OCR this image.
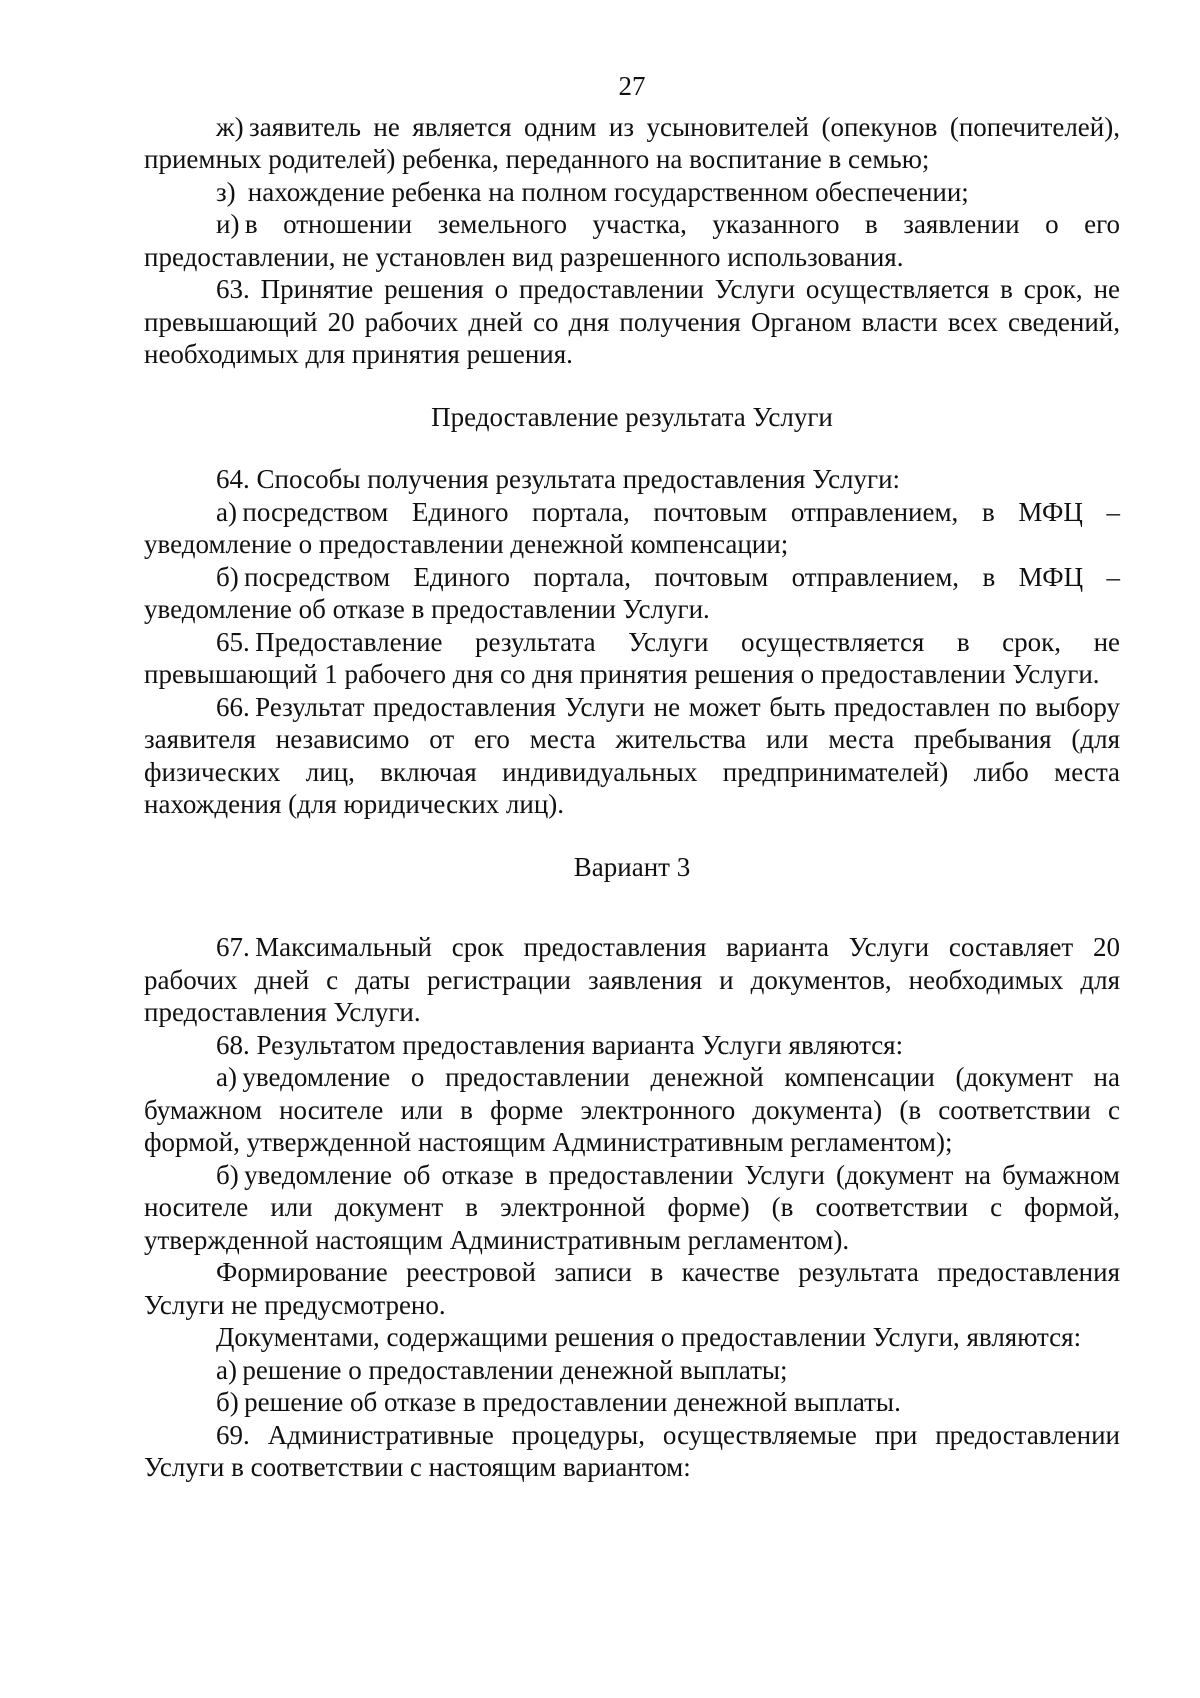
27

ж) заявитель не является одним из усыновителей (опекунов (попечителей), приемных родителей) ребенка, переданного на воспитание в семью;

з)  нахождение ребенка на полном государственном обеспечении;

и) в отношении земельного участка, указанного в заявлении о его предоставлении, не установлен вид разрешенного использования.

63. Принятие решения о предоставлении Услуги осуществляется в срок, не превышающий 20 рабочих дней со дня получения Органом власти всех сведений, необходимых для принятия решения.

Предоставление результата Услуги

64. Способы получения результата предоставления Услуги:

а) посредством Единого портала, почтовым отправлением, в МФЦ – уведомление о предоставлении денежной компенсации;

б) посредством Единого портала, почтовым отправлением, в МФЦ – уведомление об отказе в предоставлении Услуги.

65. Предоставление результата Услуги осуществляется в срок, не превышающий 1 рабочего дня со дня принятия решения о предоставлении Услуги.

66. Результат предоставления Услуги не может быть предоставлен по выбору заявителя независимо от его места жительства или места пребывания (для физических лиц, включая индивидуальных предпринимателей) либо места нахождения (для юридических лиц).

Вариант 3

67. Максимальный срок предоставления варианта Услуги составляет 20 рабочих дней с даты регистрации заявления и документов, необходимых для предоставления Услуги.

68. Результатом предоставления варианта Услуги являются:

а) уведомление о предоставлении денежной компенсации (документ на бумажном носителе или в форме электронного документа) (в соответствии с формой, утвержденной настоящим Административным регламентом);

б) уведомление об отказе в предоставлении Услуги (документ на бумажном носителе или документ в электронной форме) (в соответствии с формой, утвержденной настоящим Административным регламентом).

Формирование реестровой записи в качестве результата предоставления Услуги не предусмотрено.

Документами, содержащими решения о предоставлении Услуги, являются:

а) решение о предоставлении денежной выплаты;

б) решение об отказе в предоставлении денежной выплаты.

69. Административные процедуры, осуществляемые при предоставлении Услуги в соответствии с настоящим вариантом:
